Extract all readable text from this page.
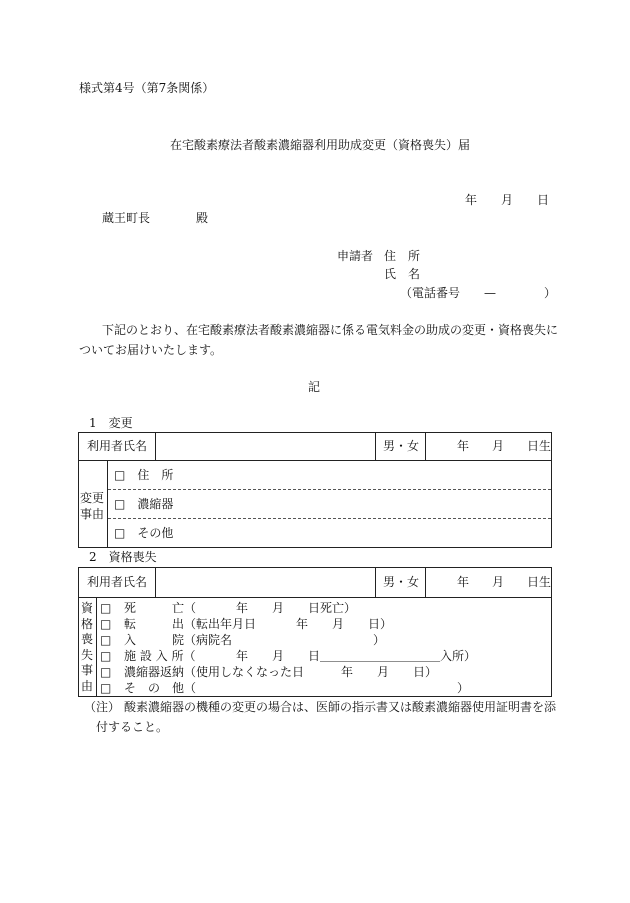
様式第4号（第7条関係）
在宅酸素療法者酸素濃縮器利用助成変更（資格喪失）届
年 月 日
蔵王町長	殿
申請者 住　所
氏　名
（電話番号　　—　　　　）
下記のとおり、在宅酸素療法者酸素濃縮器に係る電気料金の助成の変更・資格喪失に
ついてお届けいたします。
記
1　変更
利用者氏名	男・女	年 月 日生
変更事由
□　住　所
□　濃縮器
□　その他
2　資格喪失
利用者氏名	男・女	年 月 日生
資格喪失事由
□ 死　　　亡（	年　　月　　日死亡）
□ 転　　　出（転出年月日	年　　月　　日）
□ 入　　　院（病院名	）
□ 施 設 入 所（	年　　月　　日＿＿＿＿＿＿＿＿＿＿入所）
□ 濃縮器返納（使用しなくなった日	年　　月　　日）
□ そ　の　他（	）
（注） 酸素濃縮器の機種の変更の場合は、医師の指示書又は酸素濃縮器使用証明書を添
付すること。
